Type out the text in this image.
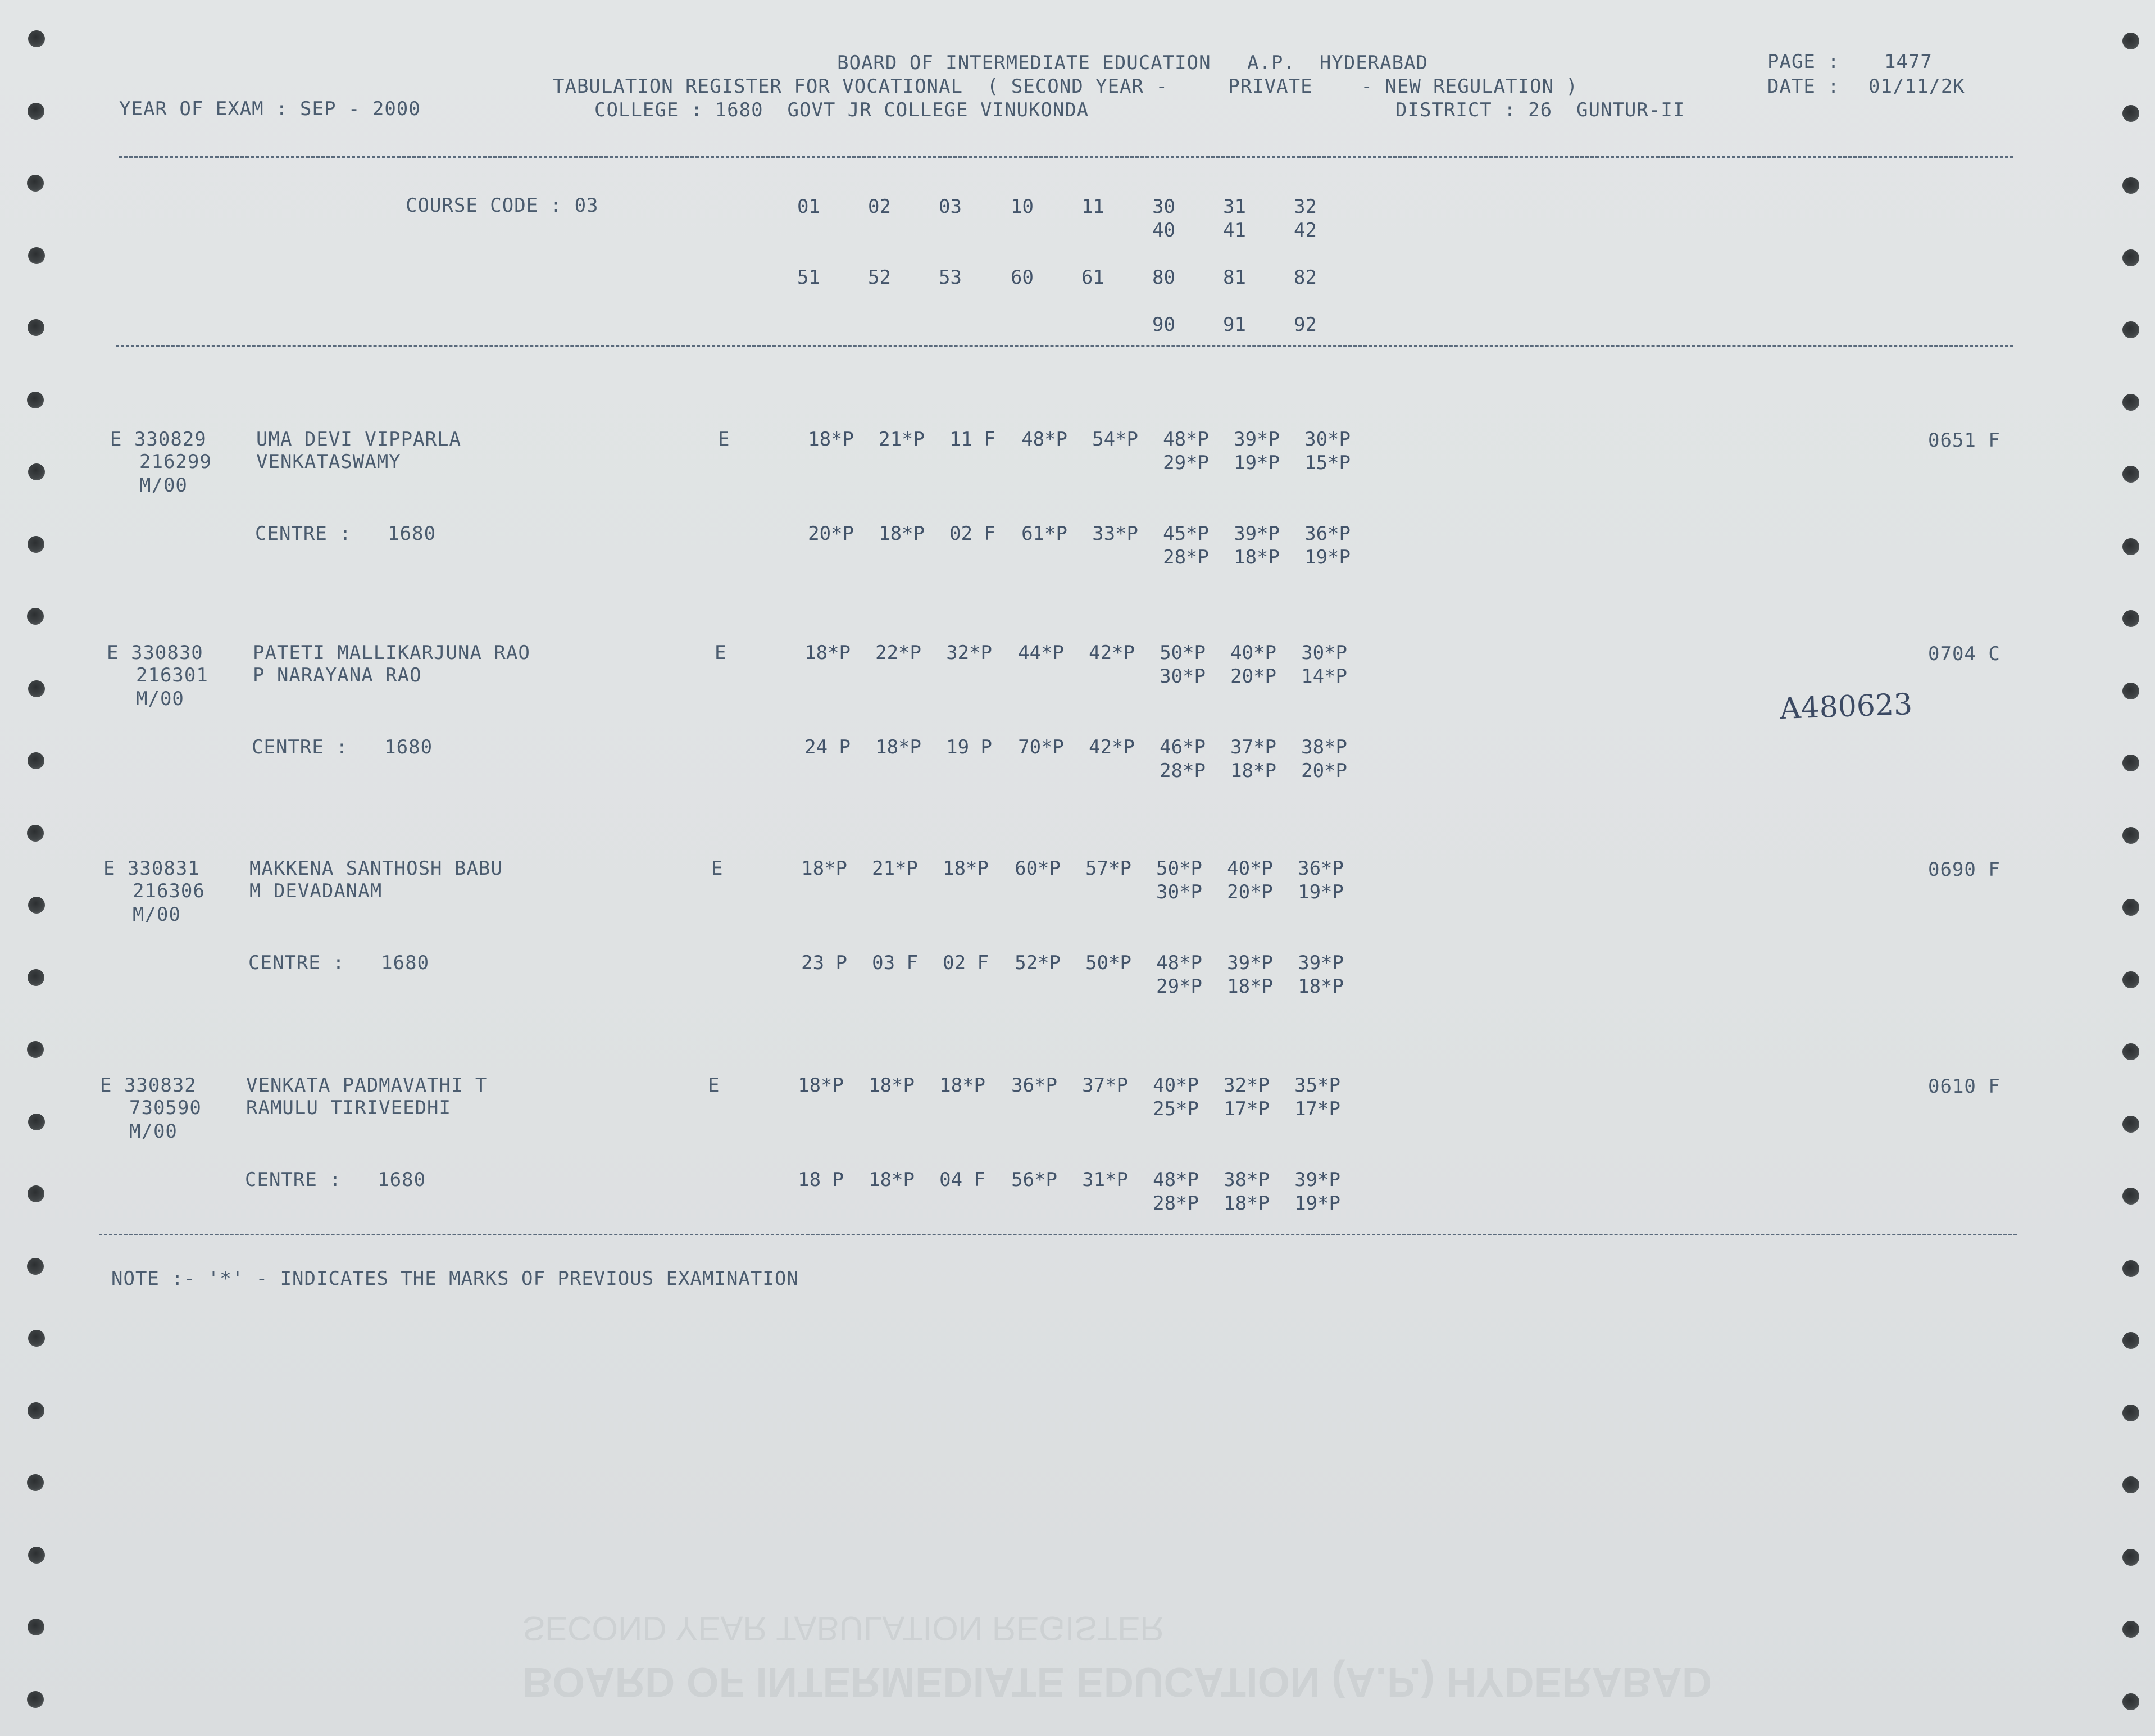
BOARD OF INTERMEDIATE EDUCATION   A.P.  HYDERABAD
TABULATION REGISTER FOR VOCATIONAL  ( SECOND YEAR -     PRIVATE    - NEW REGULATION )
YEAR OF EXAM : SEP - 2000	COLLEGE : 1680  GOVT JR COLLEGE VINUKONDA	DISTRICT : 26  GUNTUR-II
PAGE : 1477
DATE : 01/11/2K
COURSE CODE : 03	01	02	03	10	11	30	31	32
40	41	42
51	52	53	60	61	80	81	82
90	91	92
E 330829
216299
M/00
UMA DEVI VIPPARLA
VENKATASWAMY
E
CENTRE :   1680
18*P	21*P	11 F	48*P	54*P	48*P	39*P	30*P
29*P	19*P	15*P
20*P	18*P	02 F	61*P	33*P	45*P	39*P	36*P
28*P	18*P	19*P
0651 F
E 330830
216301
M/00
PATETI MALLIKARJUNA RAO
P NARAYANA RAO
E
CENTRE :   1680
18*P	22*P	32*P	44*P	42*P	50*P	40*P	30*P
30*P	20*P	14*P
24 P	18*P	19 P	70*P	42*P	46*P	37*P	38*P
28*P	18*P	20*P
0704 C
E 330831
216306
M/00
MAKKENA SANTHOSH BABU
M DEVADANAM
E
CENTRE :   1680
18*P	21*P	18*P	60*P	57*P	50*P	40*P	36*P
30*P	20*P	19*P
23 P	03 F	02 F	52*P	50*P	48*P	39*P	39*P
29*P	18*P	18*P
0690 F
E 330832
730590
M/00
VENKATA PADMAVATHI T
RAMULU TIRIVEEDHI
E
CENTRE :   1680
18*P	18*P	18*P	36*P	37*P	40*P	32*P	35*P
25*P	17*P	17*P
18 P	18*P	04 F	56*P	31*P	48*P	38*P	39*P
28*P	18*P	19*P
0610 F
A480623
NOTE :- '*' - INDICATES THE MARKS OF PREVIOUS EXAMINATION
SECOND YEAR TABULATION REGISTER
BOARD OF INTERMEDIATE EDUCATION (A.P.) HYDERABAD
